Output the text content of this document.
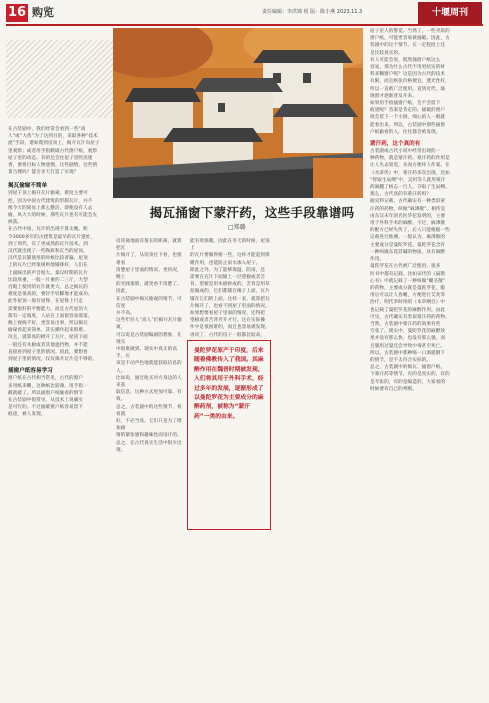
16 购览	责任编辑：李洪锦 组 版：陈小燕 2023.11.3	十堰周刊
揭瓦捅窗下蒙汗药，这些手段靠谱吗
□郑璐
在古装剧中，我们经常会看到一些“高
人”或“大侠”为了达到目的，采取各种“技术
流”手段，诸如爬到房顶上，揭开瓦片向屋子
里观察；或者用手指戳破古代窗户纸，观察
屋子里的动态。有的还会往屋子里吹送迷
香，要将目标人物迷倒。这些剧情，这些情
景合理吗？能否多天打造了实现？
揭瓦偷窥不简单
到屋子顶上揭开瓦片偷窥，难度主要可
控，因为中国古代建筑的形制瓦片，并不
像今天的简易上那么整洁，即便没有人去
偷，风大大的时候，那些瓦片也有可能会先
掉落。
在古代中国，瓦片的出现不算太晚。距
今3000多年的古建筑是最早的瓦片遗址，
到了周代，有了更成熟的瓦片技术。到
汉代就出现了一些陶质和瓦当的屋顶，
汉代是瓦铺使用的时候比较普遍，屋顶
上的瓦片已经很规则地铺排好，人们在
上面踩出的声音很大。秦汉时期的瓦片
比较厚重，一般一片重约二三斤，大型
宫殿上使用的瓦片就更大。总之揭瓦的
难度是很高的，要轻手轻脚地才能成功。
此外屋顶一般有屋脊，在屋脊上行走
需要很好的平衡能力。而且古代屋顶大
都有一定坡度，人站在上面很容易滑落。
晚上视线不好，更容易出事，所以揭瓦
偷窥看起来简单，其实操作起来很难。
况且，就算真的掀开了瓦片，屋顶下面
一般还有木板或者其他遮挡物，并不能
直接看到屋子里的情况。因此，要想看
到屋子里的情况，仅仅揭开瓦片是不够的。
捅窗户纸容易学习
窗户纸在古代相当常见，古代的窗户
多用纸来糊，这种纸比较薄，用手指一
戳就破了。所以捅窗户纸偷看的情节
在古装剧中很常见，从技术上说确实
是可行的。不过捅破窗户纸容易留下
痕迹，被人发现。
房顶离地面有很长的距离，就算把瓦
片揭开了，从房顶往下看，也很难看
清楚屋子里面的情况。更何况，晚上
的光线很暗，就更看不清楚了。因此，
在古装剧中揭瓦偷窥的情节，可信度
并不高。
这些年轻人“高人”们揭开瓦片偷窥，
可以说是古装剧编剧的想象，在现实
中很难做到。现实中真正的高手，应
该是不动声色地就能获取信息的人。
比如说，通过收买对方身边的人来获
取信息，这种方式更加可靠、有效。
总之，古装剧中的这些情节，看看就
好，不必当真。它们只是为了增加剧
情的紧张感和趣味性而设计的。
总之，在古代真实生活中很少出现。
曼陀罗花原产于印度，后来随着佛教传入了我国。其麻醉作用在魏晋时期被发现，人们将其用于外科手术，经过多年的发展，逐渐形成了以曼陀罗花为主要成分的麻醉药剂，被称为“蒙汗药”一类的由来。
能有效保暖。因此在冬天的时候，屋顶上
的瓦片要做得密一些，这样才能起到保
暖作用，也能防止雨水渗入屋子。
除此之外，为了能够保温、防雨，还
需要在瓦片下面铺上一层望板或者苫
背。望板是用木板拼成的，苫背是用草
泥做成的，它们都铺在椽子上面，瓦片
铺在它们的上面。这样一来，就算把瓦
片揭开了，也看不到屋子里面的情况。
如果想要看屋子里面的情况，还得把
望板或者苫背弄开才行。这在实际操
作中是很困难的，而且也容易被发现。
再说了，古代的房子一般都比较高，
屋子里人的警觉。当然了，一些劣质的
窗户纸，可能更容易被捅破。因此，古
装剧中的这个情节，在一定程度上还
是比较真实的。
有人可能会说，既然捅窗户纸这么
容易，那为什么古代不用更结实的材
料来糊窗户呢？这是因为古代的技术
有限，而且纸张价格便宜、透光性好，
所以一直被广泛使用。直到近代，玻
璃窗才逐渐普及开来。
如果用手指捅窗户纸，会不会留下
痕迹呢？答案是肯定的。捅破的窗户
纸会留下一个小洞，细心的人一眼就
能看出来。所以，古装剧中那些捅窗
户纸偷看的人，往往都会被发现。
蒙汗药，这个真的有
古装剧或古代小说中经常出现的一
种药物，就是蒙汗药。蒙汗药的作用是
让人失去知觉，从而方便坏人作案。在
《水浒传》中，蒙汗药多次出现，比如
“智取生辰纲”中，吴用等人就用蒙汗
药麻翻了杨志一行人，夺取了生辰纲。
那么，古代真的有蒙汗药吗？
据史料记载，古代确实有一种类似蒙
汗药的药物，叫做“麻沸散”。相传是
由东汉末年的名医华佗发明的，主要
用于外科手术的麻醉。不过，麻沸散
的配方已经失传了，后人只能根据一些
记载进行推测。一般认为，麻沸散的
主要成分是曼陀罗花，曼陀罗花含有
一种叫做东莨菪碱的物质，具有麻醉
作用。
曼陀罗花在古代被广泛使用，很多
医书中都有记载。比如宋代的《扁鹊
心书》中就记载了一种叫做“睡圣散”
的药物，主要成分就是曼陀罗花，服
用后可以让人昏睡，方便进行艾灸等
治疗。明代李时珍的《本草纲目》中
也记载了曼陀罗花的麻醉作用。由此
可见，古代确实有类似蒙汗药的药物。
当然，古装剧中蒙汗药的效果有些
夸张了。现实中，曼陀罗花的麻醉效
果并没有那么快，也没有那么强，而
且服用过量还会导致中毒甚至死亡。
所以，古装剧中那种喝一口酒就倒下
的情节，是不太符合实际的。
总之，古装剧中的揭瓦、捅窗户纸、
下蒙汗药等情节，有的是真实的，有的
是夸张的，有的是编造的，大家看的
时候要有自己的判断。
